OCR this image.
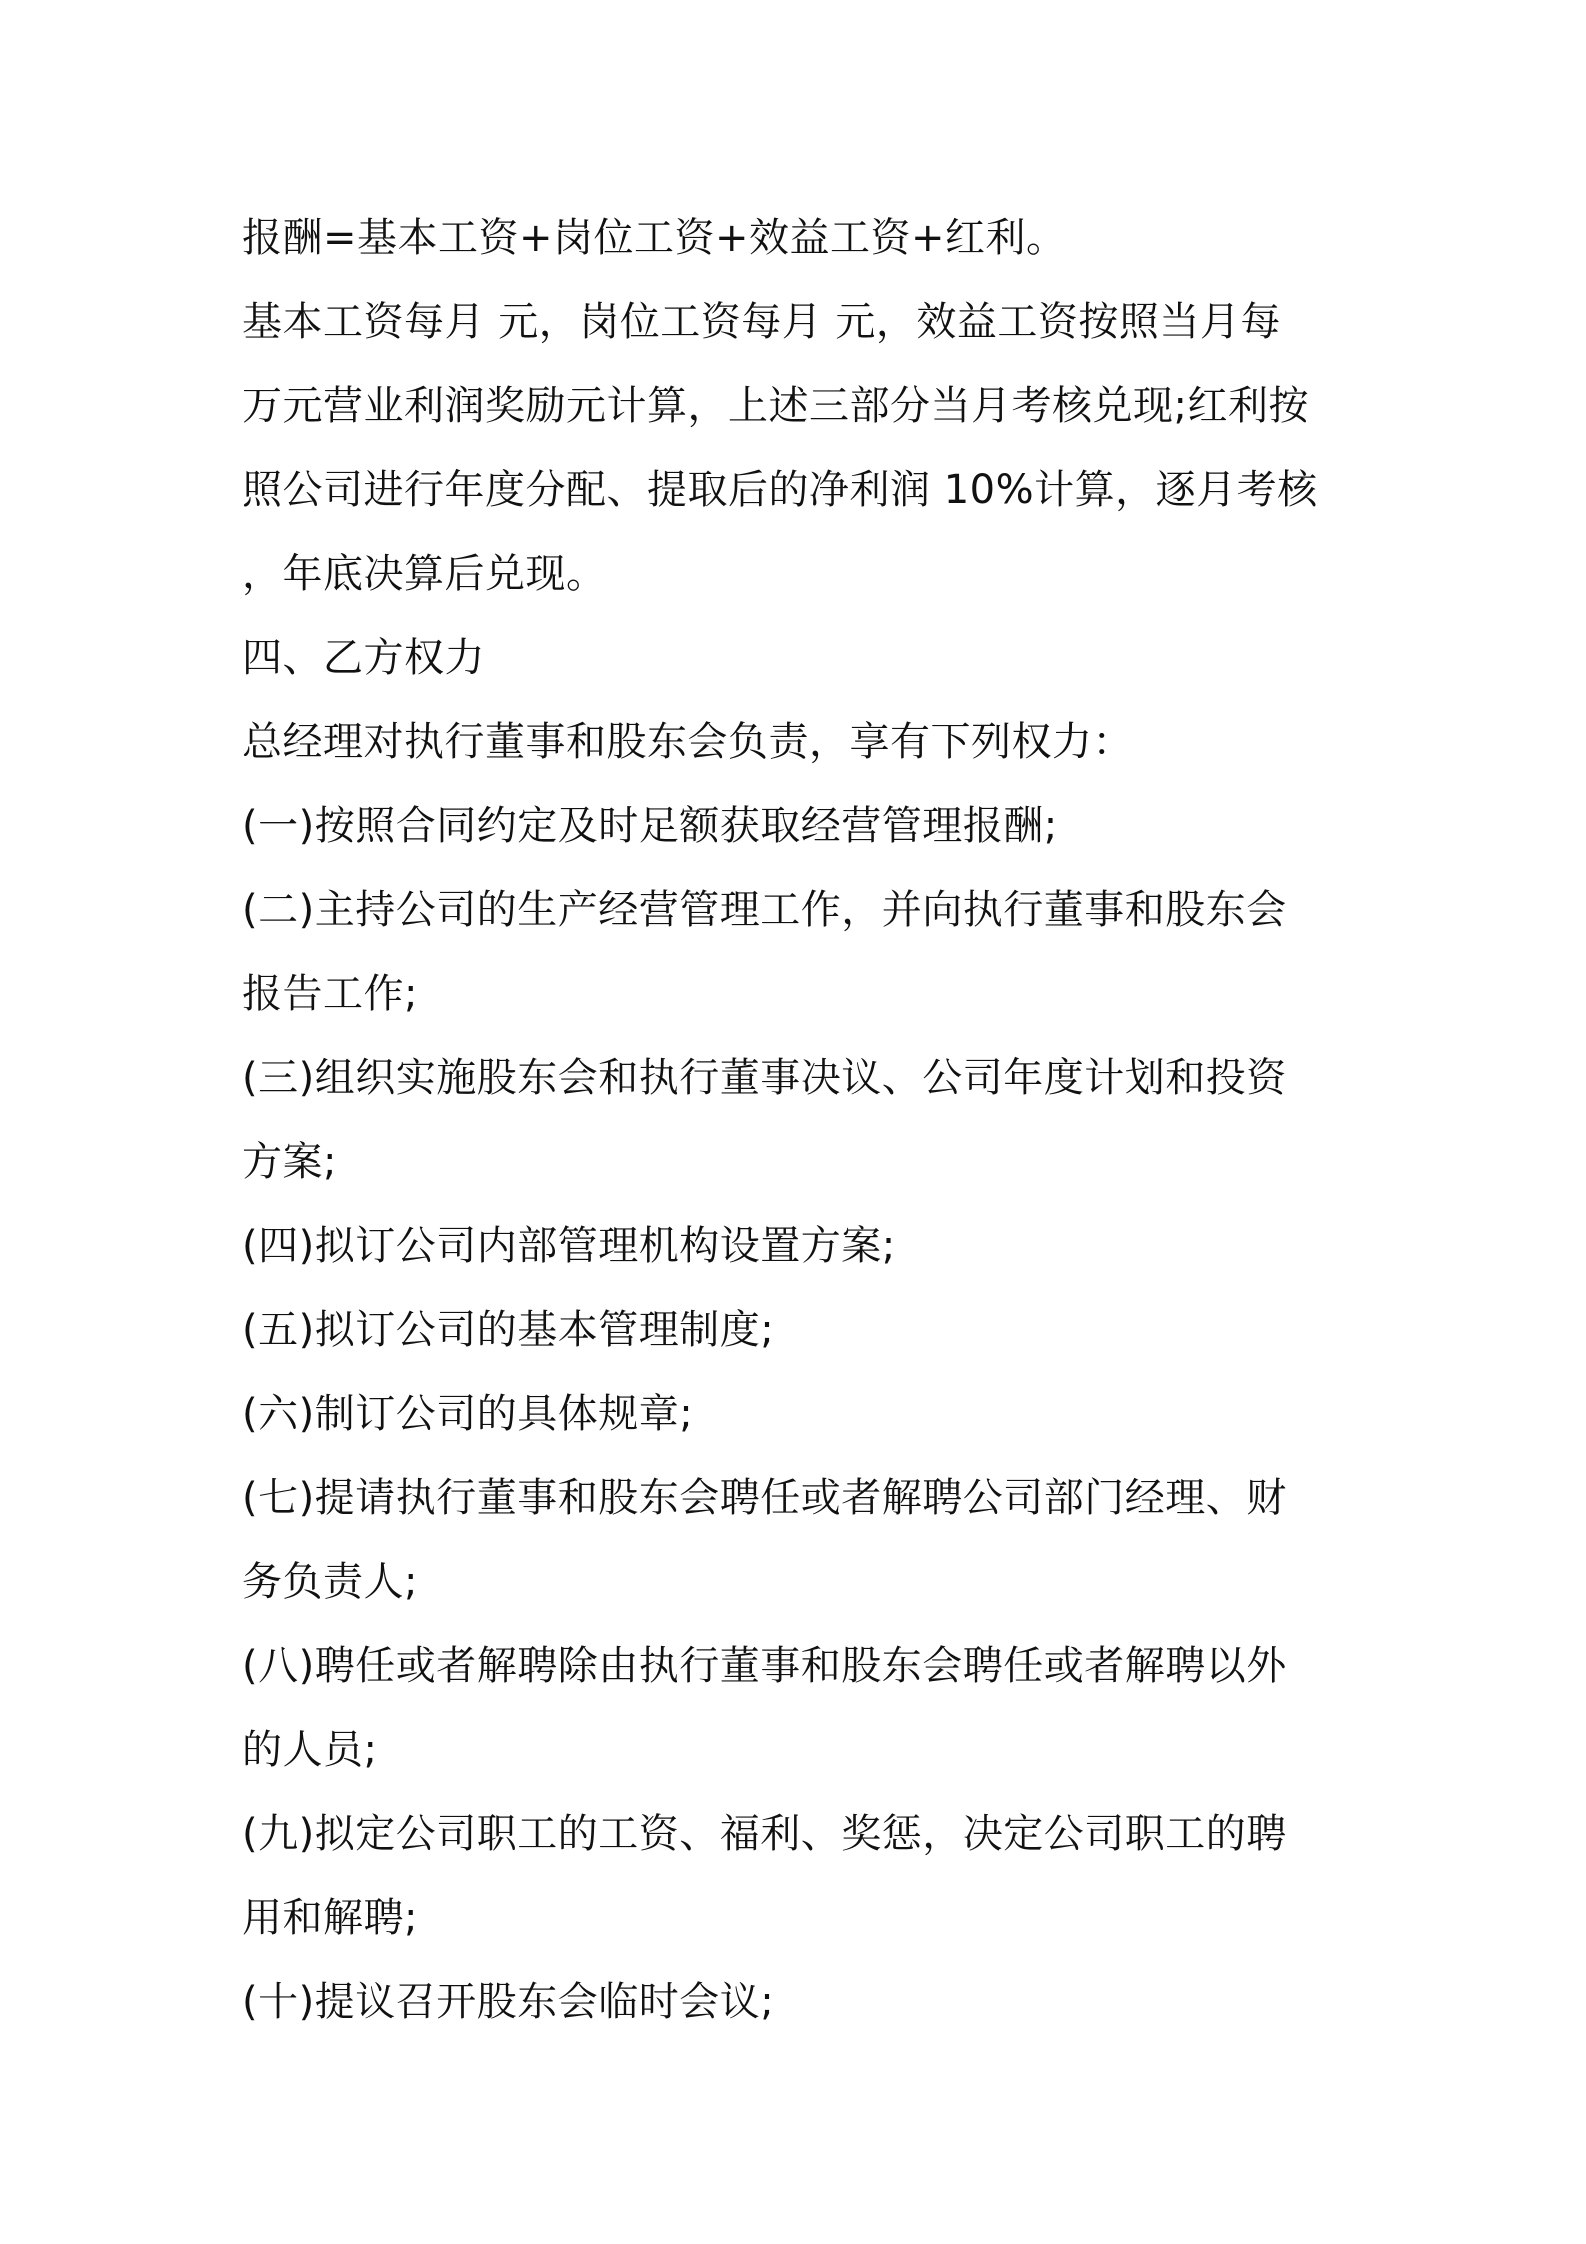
报酬=基本工资+岗位工资+效益工资+红利。
基本工资每月 元，岗位工资每月 元，效益工资按照当月每
万元营业利润奖励元计算，上述三部分当月考核兑现;红利按
照公司进行年度分配、提取后的净利润 10%计算，逐月考核
，年底决算后兑现。
四、乙方权力
总经理对执行董事和股东会负责，享有下列权力：
(一)按照合同约定及时足额获取经营管理报酬;
(二)主持公司的生产经营管理工作，并向执行董事和股东会
报告工作;
(三)组织实施股东会和执行董事决议、公司年度计划和投资
方案;
(四)拟订公司内部管理机构设置方案;
(五)拟订公司的基本管理制度;
(六)制订公司的具体规章;
(七)提请执行董事和股东会聘任或者解聘公司部门经理、财
务负责人;
(八)聘任或者解聘除由执行董事和股东会聘任或者解聘以外
的人员;
(九)拟定公司职工的工资、福利、奖惩，决定公司职工的聘
用和解聘;
(十)提议召开股东会临时会议;
